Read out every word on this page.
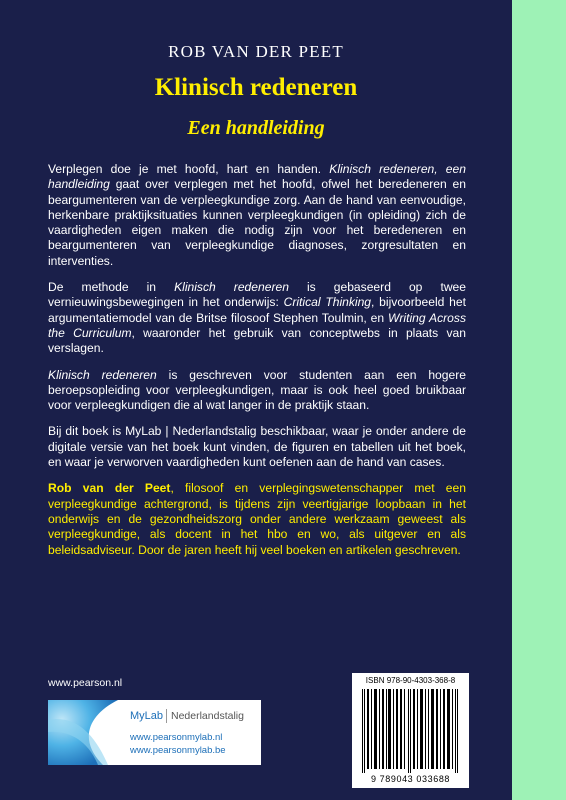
ROB VAN DER PEET
Klinisch redeneren
Een handleiding

Verplegen doe je met hoofd, hart en handen. Klinisch redeneren, een handleiding gaat over verplegen met het hoofd, ofwel het beredeneren en beargumenteren van de verpleegkundige zorg. Aan de hand van eenvoudige, herkenbare praktijksituaties kunnen verpleegkundigen (in opleiding) zich de vaardigheden eigen maken die nodig zijn voor het beredeneren en beargumenteren van verpleegkundige diagnoses, zorgresultaten en interventies.

De methode in Klinisch redeneren is gebaseerd op twee vernieuwingsbewegingen in het onderwijs: Critical Thinking, bijvoorbeeld het argumentatiemodel van de Britse filosoof Stephen Toulmin, en Writing Across the Curriculum, waaronder het gebruik van conceptwebs in plaats van verslagen.

Klinisch redeneren is geschreven voor studenten aan een hogere beroepsopleiding voor verpleegkundigen, maar is ook heel goed bruikbaar voor verpleegkundigen die al wat langer in de praktijk staan.

Bij dit boek is MyLab | Nederlandstalig beschikbaar, waar je onder andere de digitale versie van het boek kunt vinden, de figuren en tabellen uit het boek, en waar je verworven vaardigheden kunt oefenen aan de hand van cases.

Rob van der Peet, filosoof en verplegingswetenschapper met een verpleegkundige achtergrond, is tijdens zijn veertigjarige loopbaan in het onderwijs en de gezondheidszorg onder andere werkzaam geweest als verpleegkundige, als docent in het hbo en wo, als uitgever en als beleidsadviseur. Door de jaren heeft hij veel boeken en artikelen geschreven.

www.pearson.nl
MyLab Nederlandstalig
www.pearsonmylab.nl
www.pearsonmylab.be
ISBN 978-90-4303-368-8
9 789043 033688
